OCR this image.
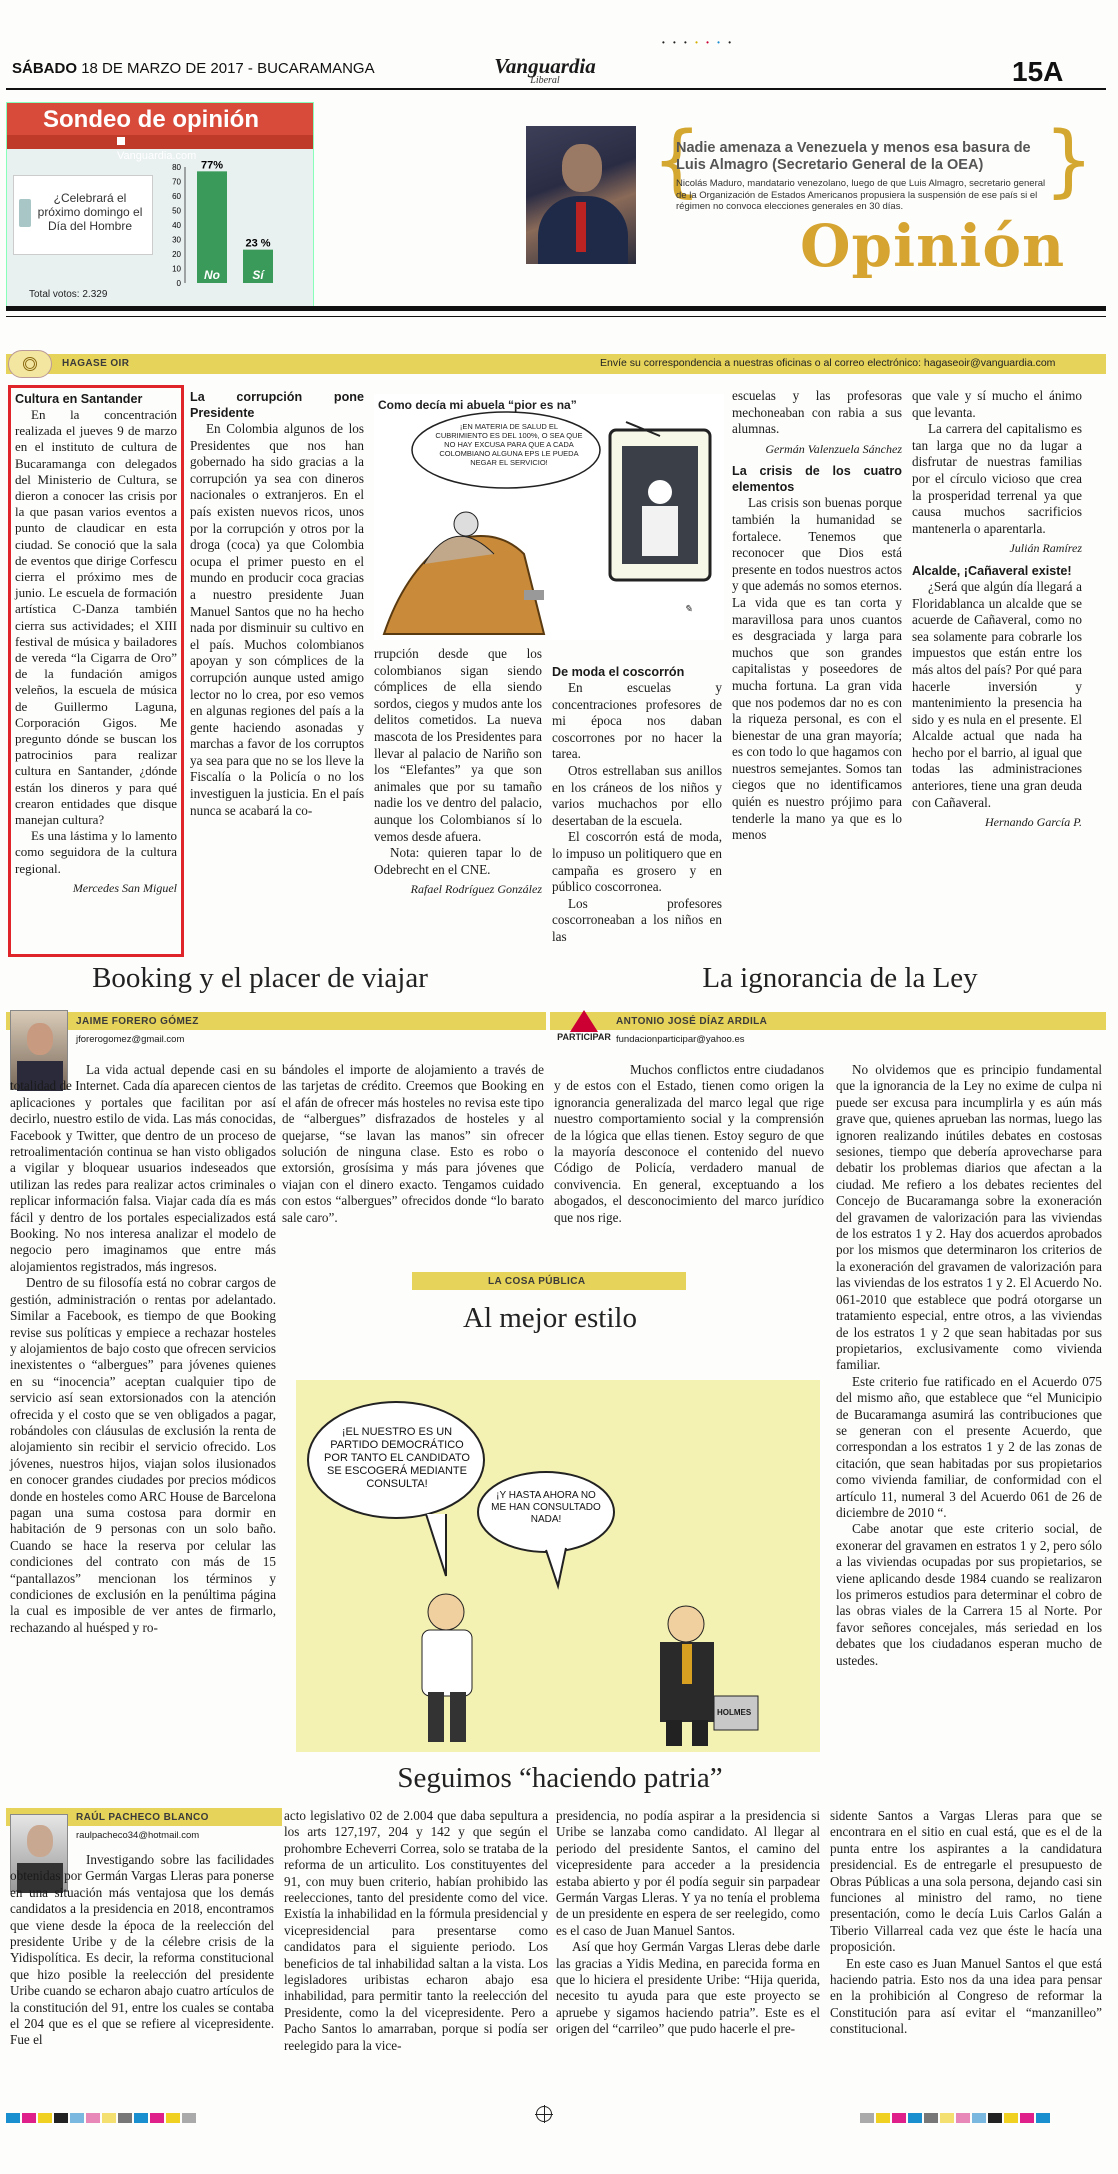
• • • • • • •
SÁBADO 18 DE MARZO DE 2017 - BUCARAMANGA	Vanguardia
Liberal	15A
Sondeo de opinión
Vanguardia.com
¿Celebrará el próximo domingo el Día del Hombre
80
70
60
50
40
30
20
10
0
77%
No
23 %
Sí
Total votos: 2.329
{	}
Nadie amenaza a Venezuela y menos esa basura de Luis Almagro (Secretario General de la OEA)
Nicolás Maduro, mandatario venezolano, luego de que Luis Almagro, secretario general de la Organización de Estados Americanos propusiera la suspensión de ese país si el régimen no convoca elecciones generales en 30 días.
Opinión
HAGASE OIR	Envíe su correspondencia a nuestras oficinas o al correo electrónico: hagaseoir@vanguardia.com
Cultura en Santander

En la concentración realizada el jueves 9 de marzo en el instituto de cultura de Bucaramanga con delegados del Ministerio de Cultura, se dieron a conocer las crisis por la que pasan varios eventos a punto de claudicar en esta ciudad. Se conoció que la sala de eventos que dirige Corfescu cierra el próximo mes de junio. Le escuela de formación artística C-Danza también cierra sus actividades; el XIII festival de música y bailadores de vereda “la Cigarra de Oro” de la fundación amigos veleños, la escuela de música de Guillermo Laguna, Corporación Gigos. Me pregunto dónde se buscan los patrocinios para realizar cultura en Santander, ¿dónde están los dineros y para qué crearon entidades que disque manejan cultura?

Es una lástima y lo lamento como seguidora de la cultura regional.

Mercedes San Miguel
La corrupción pone Presidente

En Colombia algunos de los Presidentes que nos han gobernado ha sido gracias a la corrupción ya sea con dineros nacionales o extranjeros. En el país existen nuevos ricos, unos por la corrupción y otros por la droga (coca) ya que Colombia ocupa el primer puesto en el mundo en producir coca gracias a nuestro presidente Juan Manuel Santos que no ha hecho nada por disminuir su cultivo en el país. Muchos colombianos apoyan y son cómplices de la corrupción aunque usted amigo lector no lo crea, por eso vemos en algunas regiones del país a la gente haciendo asonadas y marchas a favor de los corruptos ya sea para que no se los lleve la Fiscalía o la Policía o no los investiguen la justicia. En el país nunca se acabará la co-

Como decía mi abuela “pior es na”
¡EN MATERIA DE SALUD EL CUBRIMIENTO ES DEL 100%, O SEA QUE NO HAY EXCUSA PARA QUE A CADA COLOMBIANO ALGUNA EPS LE PUEDA NEGAR EL SERVICIO!
✎

rrupción desde que los colombianos sigan siendo cómplices de ella siendo sordos, ciegos y mudos ante los delitos cometidos. La nueva mascota de los Presidentes para llevar al palacio de Nariño son los “Elefantes” ya que son animales que por su tamaño nadie los ve dentro del palacio, aunque los Colombianos sí lo vemos desde afuera.

Nota: quieren tapar lo de Odebrecht en el CNE.

Rafael Rodríguez González
De moda el coscorrón

En escuelas y concentraciones profesores de mi época nos daban coscorrones por no hacer la tarea.

Otros estrellaban sus anillos en los cráneos de los niños y varios muchachos por ello desertaban de la escuela.

El coscorrón está de moda, lo impuso un politiquero que en campaña es grosero y en público coscorronea.

Los profesores coscorroneaban a los niños en las

escuelas y las profesoras mechoneaban con rabia a sus alumnas.

Germán Valenzuela Sánchez
La crisis de los cuatro elementos

Las crisis son buenas porque también la humanidad se fortalece. Tenemos que reconocer que Dios está presente en todos nuestros actos y que además no somos eternos. La vida que es tan corta y maravillosa para unos cuantos es desgraciada y larga para muchos que son grandes capitalistas y poseedores de mucha fortuna. La gran vida que nos podemos dar no es con la riqueza personal, es con el bienestar de una gran mayoría; es con todo lo que hagamos con nuestros semejantes. Somos tan ciegos que no identificamos quién es nuestro prójimo para tenderle la mano ya que es lo menos

que vale y sí mucho el ánimo que levanta.

La carrera del capitalismo es tan larga que no da lugar a disfrutar de nuestras familias por el círculo vicioso que crea la prosperidad terrenal ya que causa muchos sacrificios mantenerla o aparentarla.

Julián Ramírez
Alcalde, ¡Cañaveral existe!

¿Será que algún día llegará a Floridablanca un alcalde que se acuerde de Cañaveral, como no sea solamente para cobrarle los impuestos que están entre los más altos del país? Por qué para hacerle inversión y mantenimiento la presencia ha sido y es nula en el presente. El Alcalde actual que nada ha hecho por el barrio, al igual que todas las administraciones anteriores, tiene una gran deuda con Cañaveral.

Hernando García P.
Booking y el placer de viajar	La ignorancia de la Ley
JAIME FORERO GÓMEZ
jforerogomez@gmail.com

La vida actual depende casi en su totalidad de Internet. Cada día aparecen cientos de aplicaciones y portales que facilitan por así decirlo, nuestro estilo de vida. Las más conocidas, Facebook y Twitter, que dentro de un proceso de retroalimentación continua se han visto obligados a vigilar y bloquear usuarios indeseados que utilizan las redes para realizar actos criminales o replicar información falsa. Viajar cada día es más fácil y dentro de los portales especializados está Booking. No nos interesa analizar el modelo de negocio pero imaginamos que entre más alojamientos registrados, más ingresos.

Dentro de su filosofía está no cobrar cargos de gestión, administración o rentas por adelantado. Similar a Facebook, es tiempo de que Booking revise sus políticas y empiece a rechazar hosteles y alojamientos de bajo costo que ofrecen servicios inexistentes o “albergues” para jóvenes quienes en su “inocencia” aceptan cualquier tipo de servicio así sean extorsionados con la atención ofrecida y el costo que se ven obligados a pagar, robándoles con cláusulas de exclusión la renta de alojamiento sin recibir el servicio ofrecido. Los jóvenes, nuestros hijos, viajan solos ilusionados en conocer grandes ciudades por precios módicos donde en hosteles como ARC House de Barcelona pagan una suma costosa para dormir en habitación de 9 personas con un solo baño. Cuando se hace la reserva por celular las condiciones del contrato con más de 15 “pantallazos” mencionan los términos y condiciones de exclusión en la penúltima página la cual es imposible de ver antes de firmarlo, rechazando al huésped y ro-

bándoles el importe de alojamiento a través de las tarjetas de crédito. Creemos que Booking en el afán de ofrecer más hosteles no revisa este tipo de “albergues” disfrazados de hosteles y al quejarse, “se lavan las manos” sin ofrecer solución de ninguna clase. Esto es robo o extorsión, grosísima y más para jóvenes que viajan con el dinero exacto. Tengamos cuidado con estos “albergues” ofrecidos donde “lo barato sale caro”.

PARTICIPAR
ANTONIO JOSÉ DÍAZ ARDILA
fundacionparticipar@yahoo.es

Muchos conflictos entre ciudadanos y de estos con el Estado, tienen como origen la ignorancia generalizada del marco legal que rige nuestro comportamiento social y la comprensión de la lógica que ellas tienen. Estoy seguro de que la mayoría desconoce el contenido del nuevo Código de Policía, verdadero manual de convivencia. En general, exceptuando a los abogados, el desconocimiento del marco jurídico que nos rige.

No olvidemos que es principio fundamental que la ignorancia de la Ley no exime de culpa ni puede ser excusa para incumplirla y es aún más grave que, quienes aprueban las normas, luego las ignoren realizando inútiles debates en costosas sesiones, tiempo que debería aprovecharse para debatir los problemas diarios que afectan a la ciudad. Me refiero a los debates recientes del Concejo de Bucaramanga sobre la exoneración del gravamen de valorización para las viviendas de los estratos 1 y 2. Hay dos acuerdos aprobados por los mismos que determinaron los criterios de la exoneración del gravamen de valorización para las viviendas de los estratos 1 y 2. El Acuerdo No. 061-2010 que establece que podrá otorgarse un tratamiento especial, entre otros, a las viviendas de los estratos 1 y 2 que sean habitadas por sus propietarios, exclusivamente como vivienda familiar.

Este criterio fue ratificado en el Acuerdo 075 del mismo año, que establece que “el Municipio de Bucaramanga asumirá las contribuciones que se generan con el presente Acuerdo, que correspondan a los estratos 1 y 2 de las zonas de citación, que sean habitadas por sus propietarios como vivienda familiar, de conformidad con el artículo 11, numeral 3 del Acuerdo 061 de 26 de diciembre de 2010 “.

Cabe anotar que este criterio social, de exonerar del gravamen en estratos 1 y 2, pero sólo a las viviendas ocupadas por sus propietarios, se viene aplicando desde 1984 cuando se realizaron los primeros estudios para determinar el cobro de las obras viales de la Carrera 15 al Norte. Por favor señores concejales, más seriedad en los debates que los ciudadanos esperan mucho de ustedes.

LA COSA PÚBLICA
Al mejor estilo
¡EL NUESTRO ES UN PARTIDO DEMOCRÁTICO POR TANTO EL CANDIDATO SE ESCOGERÁ MEDIANTE CONSULTA!
¡Y HASTA AHORA NO ME HAN CONSULTADO NADA!
HOLMES
Seguimos “haciendo patria”
RAÚL PACHECO BLANCO
raulpacheco34@hotmail.com

Investigando sobre las facilidades obtenidas por Germán Vargas Lleras para ponerse en una situación más ventajosa que los demás candidatos a la presidencia en 2018, encontramos que viene desde la época de la reelección del presidente Uribe y de la célebre crisis de la Yidispolítica. Es decir, la reforma constitucional que hizo posible la reelección del presidente Uribe cuando se echaron abajo cuatro artículos de la constitución del 91, entre los cuales se contaba el 204 que es el que se refiere al vicepresidente. Fue el

acto legislativo 02 de 2.004 que daba sepultura a los arts 127,197, 204 y 142 y que según el prohombre Echeverri Correa, solo se trataba de la reforma de un articulito. Los constituyentes del 91, con muy buen criterio, habían prohibido las reelecciones, tanto del presidente como del vice. Existía la inhabilidad en la fórmula presidencial y vicepresidencial para presentarse como candidatos para el siguiente periodo. Los beneficios de tal inhabilidad saltan a la vista. Los legisladores uribistas echaron abajo esa inhabilidad, para permitir tanto la reelección del Presidente, como la del vicepresidente. Pero a Pacho Santos lo amarraban, porque si podía ser reelegido para la vice-

presidencia, no podía aspirar a la presidencia si Uribe se lanzaba como candidato. Al llegar al periodo del presidente Santos, el camino del vicepresidente para acceder a la presidencia estaba abierto y por él podía seguir sin parpadear Germán Vargas Lleras. Y ya no tenía el problema de un presidente en espera de ser reelegido, como es el caso de Juan Manuel Santos.

Así que hoy Germán Vargas Lleras debe darle las gracias a Yidis Medina, en parecida forma en que lo hiciera el presidente Uribe: “Hija querida, necesito tu ayuda para que este proyecto se apruebe y sigamos haciendo patria”. Este es el origen del “carrileo” que pudo hacerle el pre-

sidente Santos a Vargas Lleras para que se encontrara en el sitio en cual está, que es el de la punta entre los aspirantes a la candidatura presidencial. Es de entregarle el presupuesto de Obras Públicas a una sola persona, dejando casi sin funciones al ministro del ramo, no tiene presentación, como le decía Luis Carlos Galán a Tiberio Villarreal cada vez que éste le hacía una proposición.

En este caso es Juan Manuel Santos el que está haciendo patria. Esto nos da una idea para pensar en la prohibición al Congreso de reformar la Constitución para así evitar el “manzanilleo” constitucional.
